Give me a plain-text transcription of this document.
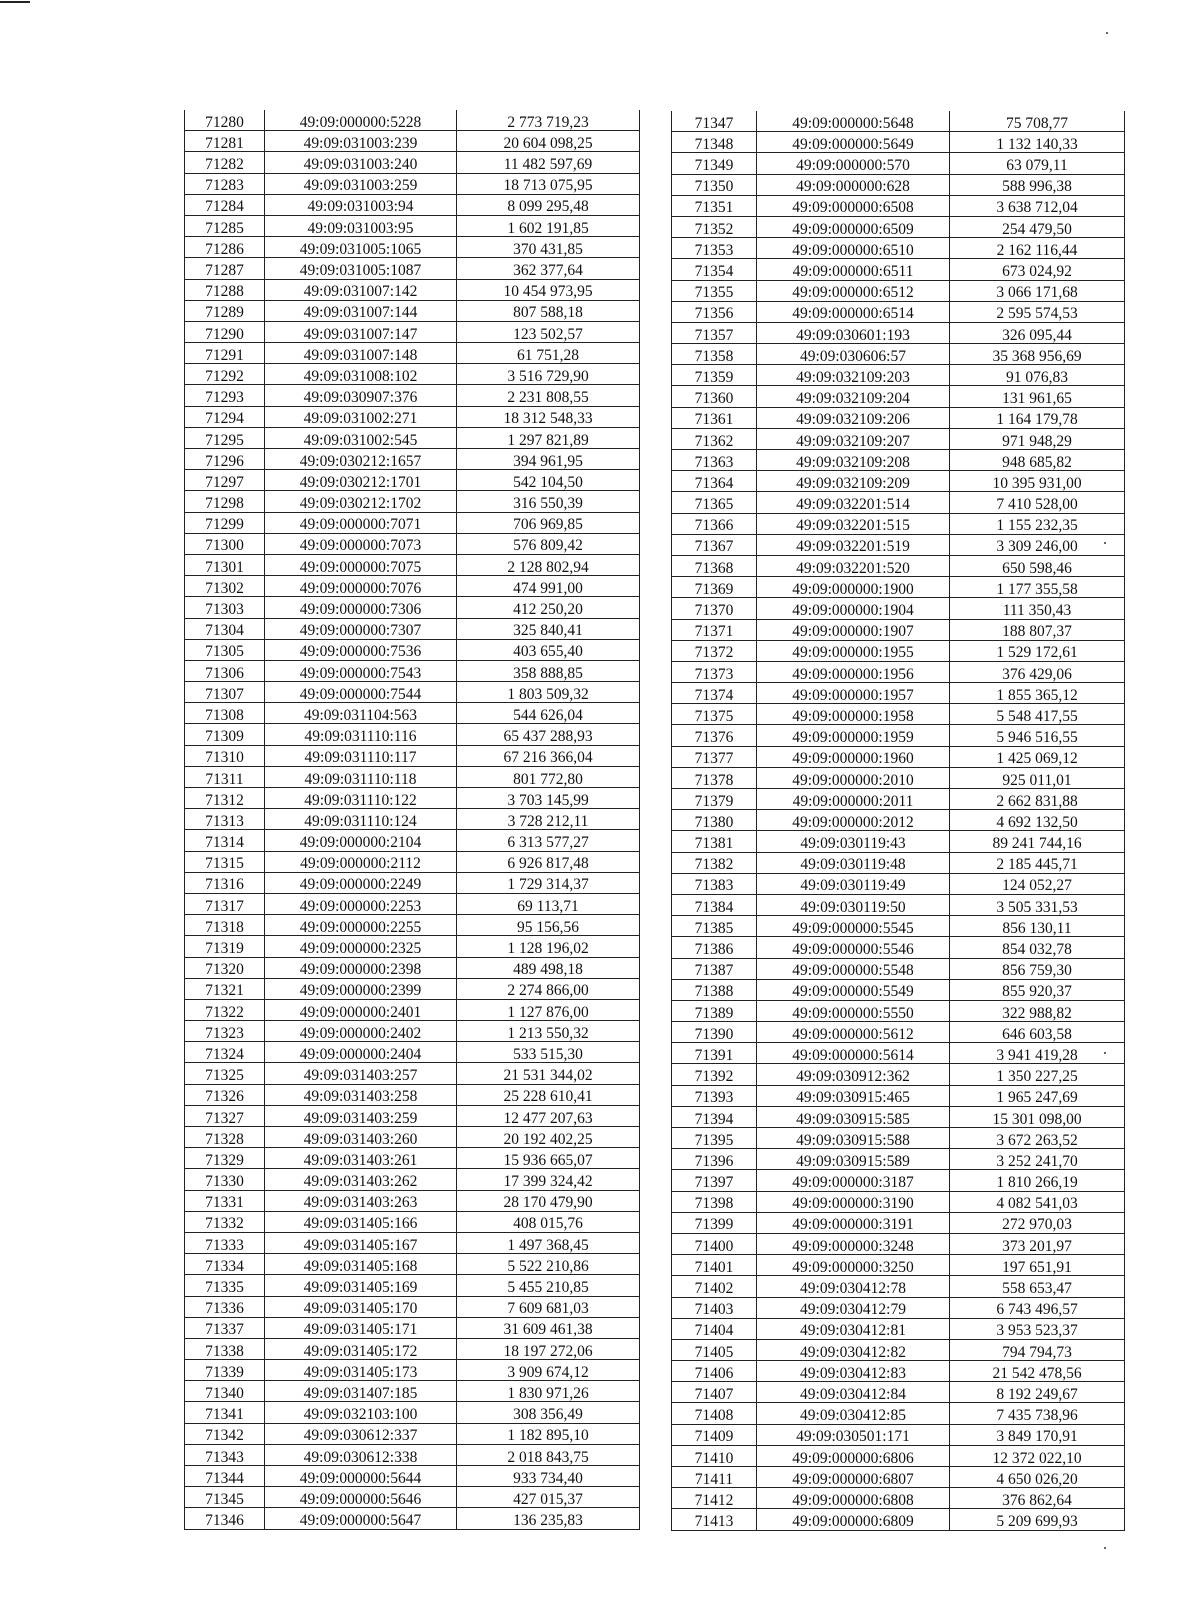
71280	49:09:000000:5228	2 773 719,23
71281	49:09:031003:239	20 604 098,25
71282	49:09:031003:240	11 482 597,69
71283	49:09:031003:259	18 713 075,95
71284	49:09:031003:94	8 099 295,48
71285	49:09:031003:95	1 602 191,85
71286	49:09:031005:1065	370 431,85
71287	49:09:031005:1087	362 377,64
71288	49:09:031007:142	10 454 973,95
71289	49:09:031007:144	807 588,18
71290	49:09:031007:147	123 502,57
71291	49:09:031007:148	61 751,28
71292	49:09:031008:102	3 516 729,90
71293	49:09:030907:376	2 231 808,55
71294	49:09:031002:271	18 312 548,33
71295	49:09:031002:545	1 297 821,89
71296	49:09:030212:1657	394 961,95
71297	49:09:030212:1701	542 104,50
71298	49:09:030212:1702	316 550,39
71299	49:09:000000:7071	706 969,85
71300	49:09:000000:7073	576 809,42
71301	49:09:000000:7075	2 128 802,94
71302	49:09:000000:7076	474 991,00
71303	49:09:000000:7306	412 250,20
71304	49:09:000000:7307	325 840,41
71305	49:09:000000:7536	403 655,40
71306	49:09:000000:7543	358 888,85
71307	49:09:000000:7544	1 803 509,32
71308	49:09:031104:563	544 626,04
71309	49:09:031110:116	65 437 288,93
71310	49:09:031110:117	67 216 366,04
71311	49:09:031110:118	801 772,80
71312	49:09:031110:122	3 703 145,99
71313	49:09:031110:124	3 728 212,11
71314	49:09:000000:2104	6 313 577,27
71315	49:09:000000:2112	6 926 817,48
71316	49:09:000000:2249	1 729 314,37
71317	49:09:000000:2253	69 113,71
71318	49:09:000000:2255	95 156,56
71319	49:09:000000:2325	1 128 196,02
71320	49:09:000000:2398	489 498,18
71321	49:09:000000:2399	2 274 866,00
71322	49:09:000000:2401	1 127 876,00
71323	49:09:000000:2402	1 213 550,32
71324	49:09:000000:2404	533 515,30
71325	49:09:031403:257	21 531 344,02
71326	49:09:031403:258	25 228 610,41
71327	49:09:031403:259	12 477 207,63
71328	49:09:031403:260	20 192 402,25
71329	49:09:031403:261	15 936 665,07
71330	49:09:031403:262	17 399 324,42
71331	49:09:031403:263	28 170 479,90
71332	49:09:031405:166	408 015,76
71333	49:09:031405:167	1 497 368,45
71334	49:09:031405:168	5 522 210,86
71335	49:09:031405:169	5 455 210,85
71336	49:09:031405:170	7 609 681,03
71337	49:09:031405:171	31 609 461,38
71338	49:09:031405:172	18 197 272,06
71339	49:09:031405:173	3 909 674,12
71340	49:09:031407:185	1 830 971,26
71341	49:09:032103:100	308 356,49
71342	49:09:030612:337	1 182 895,10
71343	49:09:030612:338	2 018 843,75
71344	49:09:000000:5644	933 734,40
71345	49:09:000000:5646	427 015,37
71346	49:09:000000:5647	136 235,83
71347	49:09:000000:5648	75 708,77
71348	49:09:000000:5649	1 132 140,33
71349	49:09:000000:570	63 079,11
71350	49:09:000000:628	588 996,38
71351	49:09:000000:6508	3 638 712,04
71352	49:09:000000:6509	254 479,50
71353	49:09:000000:6510	2 162 116,44
71354	49:09:000000:6511	673 024,92
71355	49:09:000000:6512	3 066 171,68
71356	49:09:000000:6514	2 595 574,53
71357	49:09:030601:193	326 095,44
71358	49:09:030606:57	35 368 956,69
71359	49:09:032109:203	91 076,83
71360	49:09:032109:204	131 961,65
71361	49:09:032109:206	1 164 179,78
71362	49:09:032109:207	971 948,29
71363	49:09:032109:208	948 685,82
71364	49:09:032109:209	10 395 931,00
71365	49:09:032201:514	7 410 528,00
71366	49:09:032201:515	1 155 232,35
71367	49:09:032201:519	3 309 246,00
71368	49:09:032201:520	650 598,46
71369	49:09:000000:1900	1 177 355,58
71370	49:09:000000:1904	111 350,43
71371	49:09:000000:1907	188 807,37
71372	49:09:000000:1955	1 529 172,61
71373	49:09:000000:1956	376 429,06
71374	49:09:000000:1957	1 855 365,12
71375	49:09:000000:1958	5 548 417,55
71376	49:09:000000:1959	5 946 516,55
71377	49:09:000000:1960	1 425 069,12
71378	49:09:000000:2010	925 011,01
71379	49:09:000000:2011	2 662 831,88
71380	49:09:000000:2012	4 692 132,50
71381	49:09:030119:43	89 241 744,16
71382	49:09:030119:48	2 185 445,71
71383	49:09:030119:49	124 052,27
71384	49:09:030119:50	3 505 331,53
71385	49:09:000000:5545	856 130,11
71386	49:09:000000:5546	854 032,78
71387	49:09:000000:5548	856 759,30
71388	49:09:000000:5549	855 920,37
71389	49:09:000000:5550	322 988,82
71390	49:09:000000:5612	646 603,58
71391	49:09:000000:5614	3 941 419,28
71392	49:09:030912:362	1 350 227,25
71393	49:09:030915:465	1 965 247,69
71394	49:09:030915:585	15 301 098,00
71395	49:09:030915:588	3 672 263,52
71396	49:09:030915:589	3 252 241,70
71397	49:09:000000:3187	1 810 266,19
71398	49:09:000000:3190	4 082 541,03
71399	49:09:000000:3191	272 970,03
71400	49:09:000000:3248	373 201,97
71401	49:09:000000:3250	197 651,91
71402	49:09:030412:78	558 653,47
71403	49:09:030412:79	6 743 496,57
71404	49:09:030412:81	3 953 523,37
71405	49:09:030412:82	794 794,73
71406	49:09:030412:83	21 542 478,56
71407	49:09:030412:84	8 192 249,67
71408	49:09:030412:85	7 435 738,96
71409	49:09:030501:171	3 849 170,91
71410	49:09:000000:6806	12 372 022,10
71411	49:09:000000:6807	4 650 026,20
71412	49:09:000000:6808	376 862,64
71413	49:09:000000:6809	5 209 699,93
